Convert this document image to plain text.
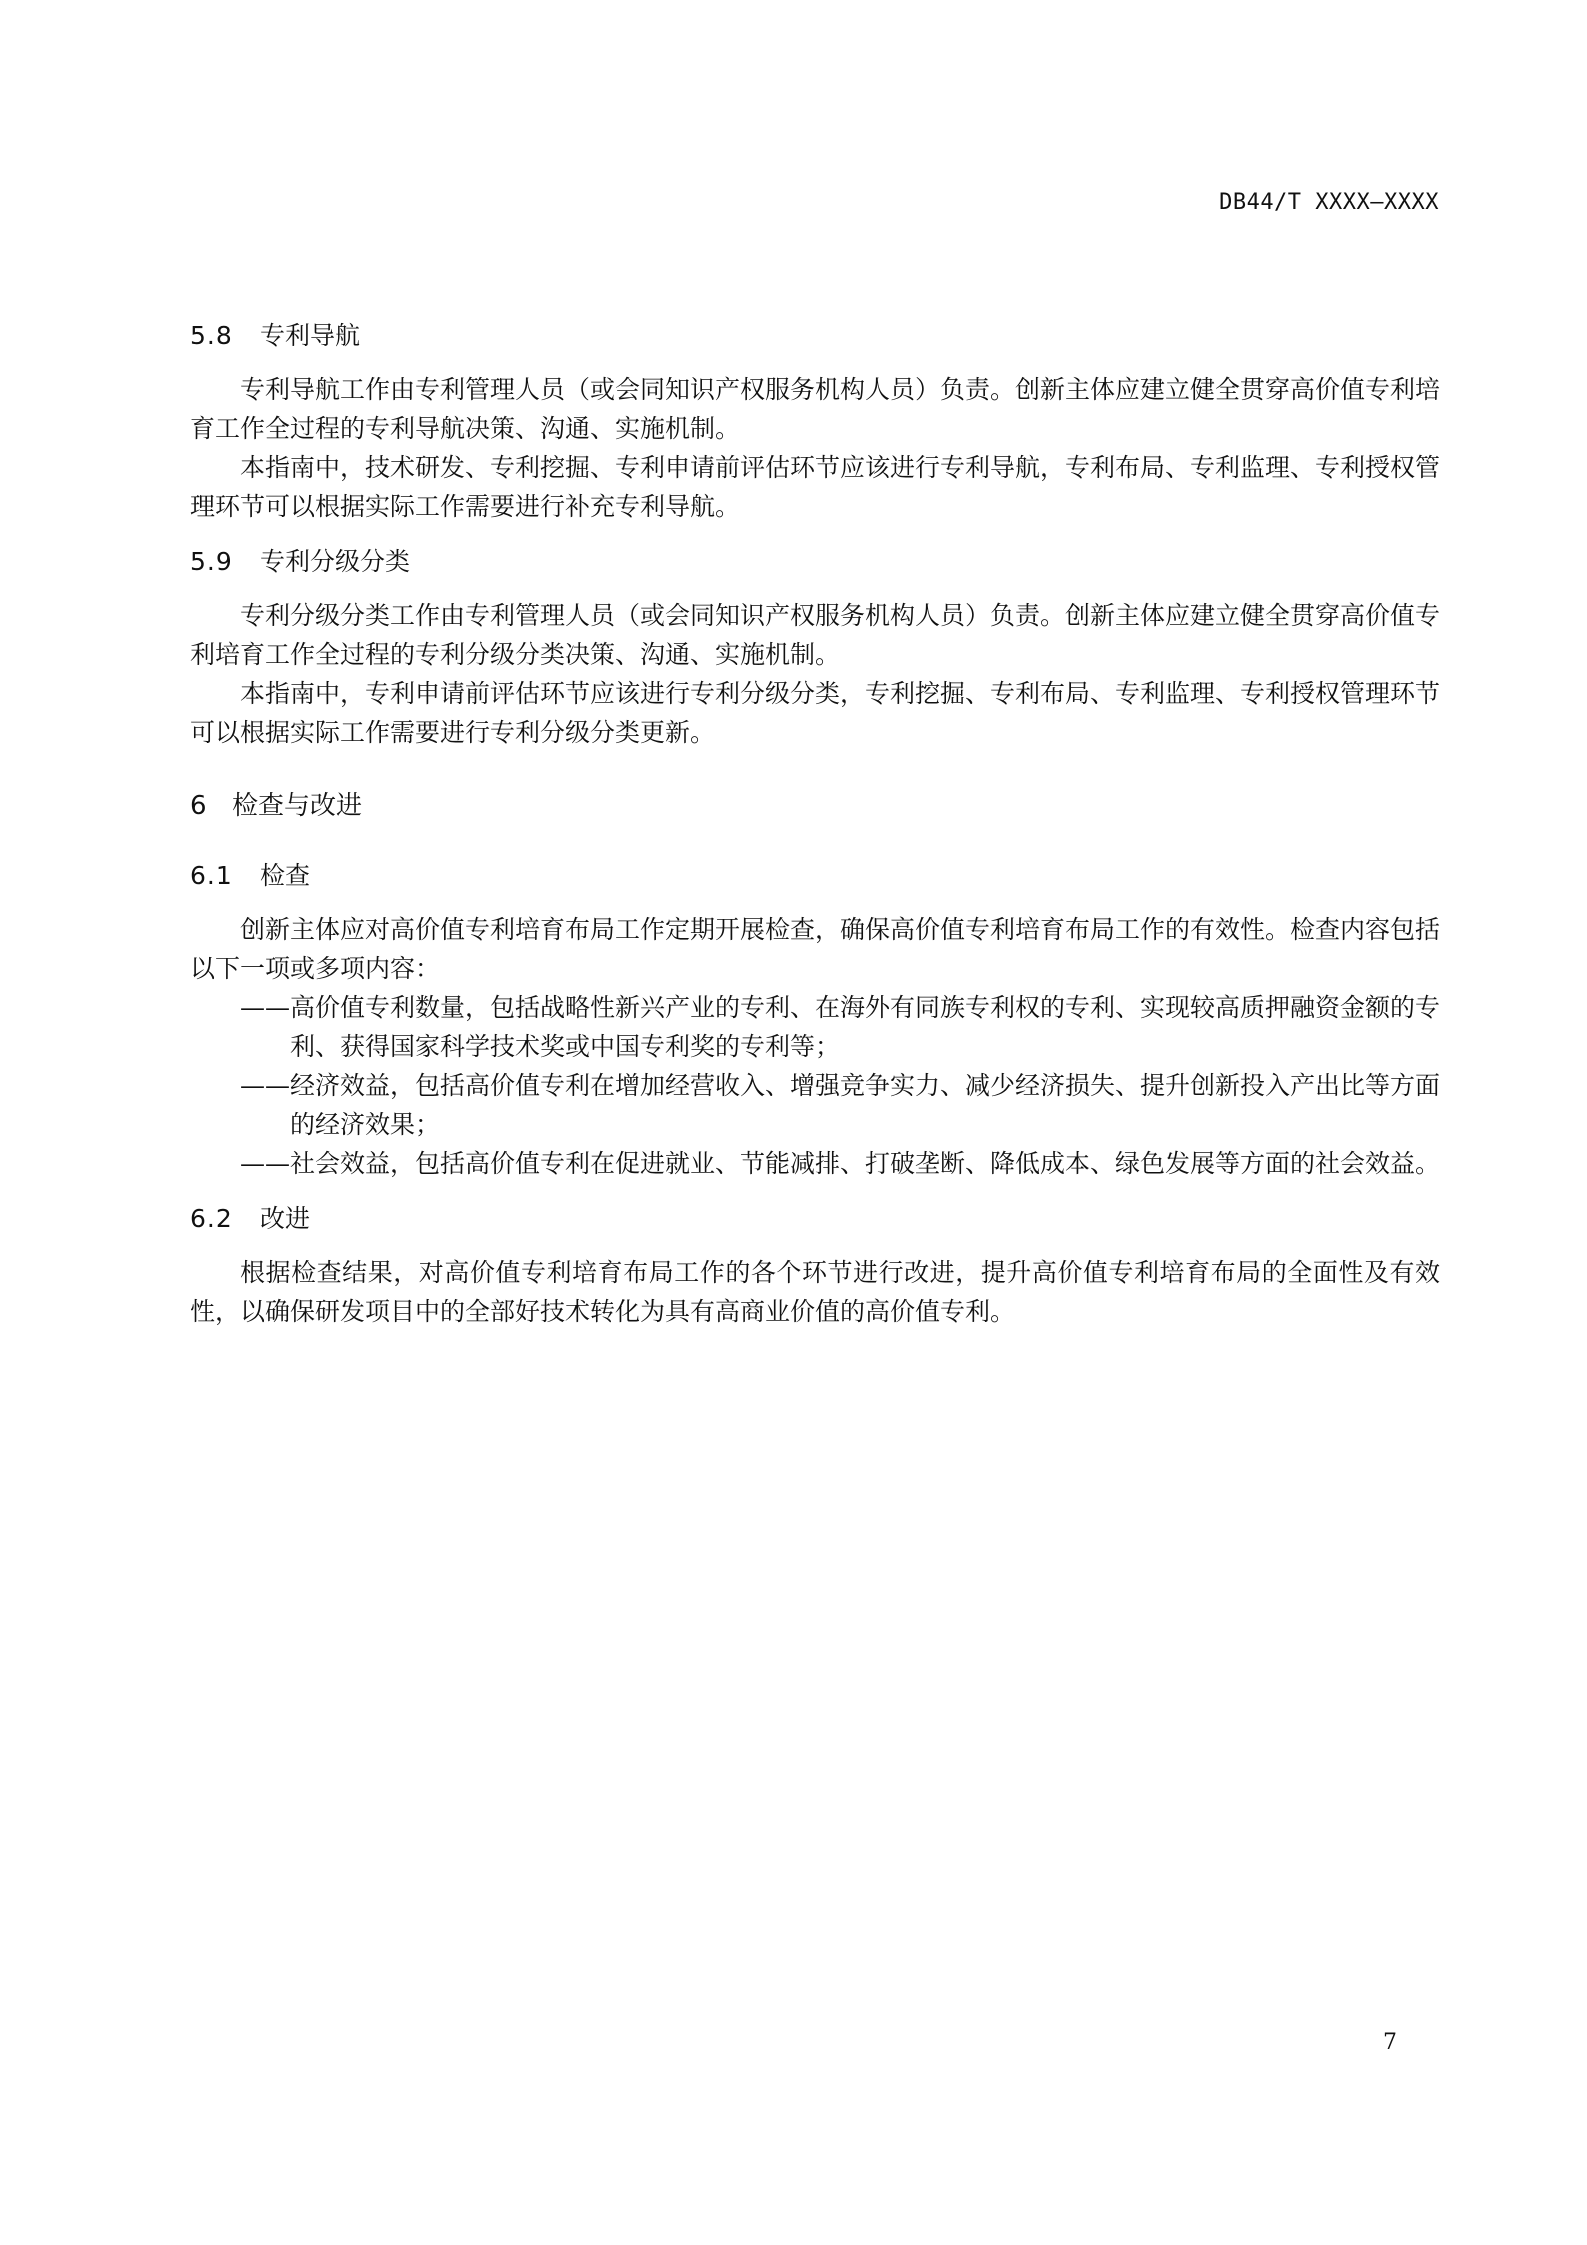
DB44/T XXXX—XXXX
5.8	专利导航

专利导航工作由专利管理人员（或会同知识产权服务机构人员）负责。创新主体应建立健全贯穿高价值专利培育工作全过程的专利导航决策、沟通、实施机制。

本指南中，技术研发、专利挖掘、专利申请前评估环节应该进行专利导航，专利布局、专利监理、专利授权管理环节可以根据实际工作需要进行补充专利导航。

5.9	专利分级分类

专利分级分类工作由专利管理人员（或会同知识产权服务机构人员）负责。创新主体应建立健全贯穿高价值专利培育工作全过程的专利分级分类决策、沟通、实施机制。

本指南中，专利申请前评估环节应该进行专利分级分类，专利挖掘、专利布局、专利监理、专利授权管理环节可以根据实际工作需要进行专利分级分类更新。

6 检查与改进
6.1	检查

创新主体应对高价值专利培育布局工作定期开展检查，确保高价值专利培育布局工作的有效性。检查内容包括以下一项或多项内容：

——高价值专利数量，包括战略性新兴产业的专利、在海外有同族专利权的专利、实现较高质押融资金额的专利、获得国家科学技术奖或中国专利奖的专利等；

——经济效益，包括高价值专利在增加经营收入、增强竞争实力、减少经济损失、提升创新投入产出比等方面的经济效果；

——社会效益，包括高价值专利在促进就业、节能减排、打破垄断、降低成本、绿色发展等方面的社会效益。

6.2	改进

根据检查结果，对高价值专利培育布局工作的各个环节进行改进，提升高价值专利培育布局的全面性及有效性，以确保研发项目中的全部好技术转化为具有高商业价值的高价值专利。

7
